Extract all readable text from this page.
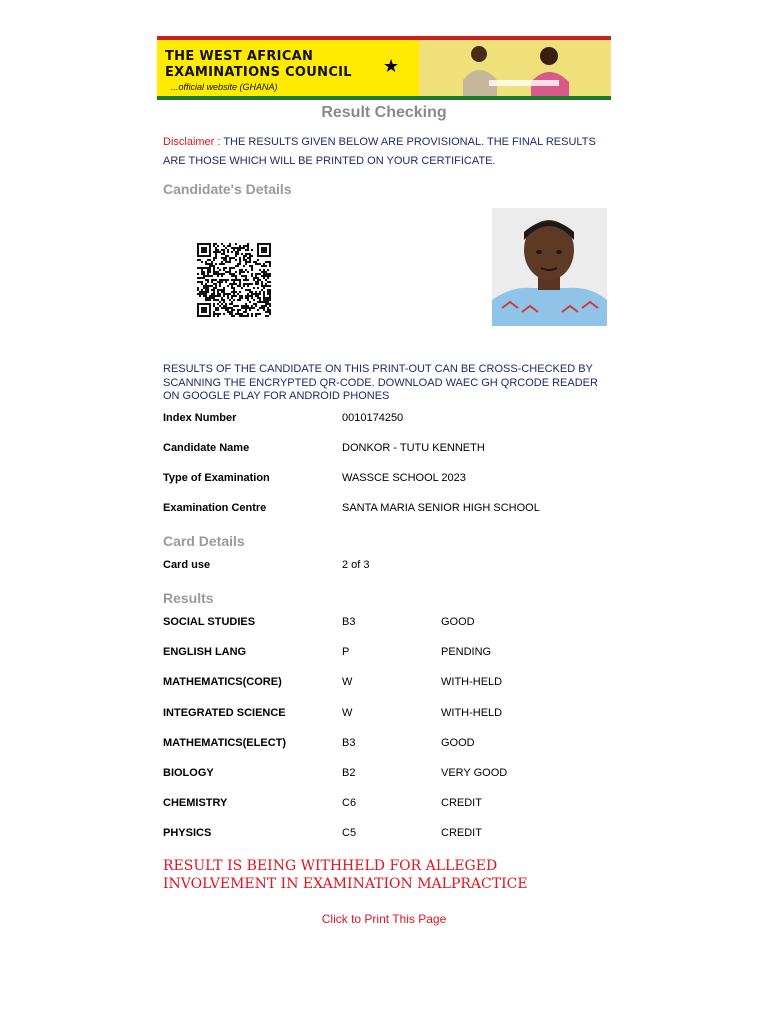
THE WEST AFRICAN
EXAMINATIONS COUNCIL
...official website (GHANA)
★
Result Checking
Disclaimer : THE RESULTS GIVEN BELOW ARE PROVISIONAL. THE FINAL RESULTS ARE THOSE WHICH WILL BE PRINTED ON YOUR CERTIFICATE.
Candidate's Details
RESULTS OF THE CANDIDATE ON THIS PRINT-OUT CAN BE CROSS-CHECKED BY SCANNING THE ENCRYPTED QR-CODE. DOWNLOAD WAEC GH QRCODE READER ON GOOGLE PLAY FOR ANDROID PHONES
Index Number	0010174250
Candidate Name	DONKOR - TUTU KENNETH
Type of Examination	WASSCE SCHOOL 2023
Examination Centre	SANTA MARIA SENIOR HIGH SCHOOL
Card Details
Card use	2 of 3
Results
SOCIAL STUDIES	B3	GOOD
ENGLISH LANG	P	PENDING
MATHEMATICS(CORE)	W	WITH-HELD
INTEGRATED SCIENCE	W	WITH-HELD
MATHEMATICS(ELECT)	B3	GOOD
BIOLOGY	B2	VERY GOOD
CHEMISTRY	C6	CREDIT
PHYSICS	C5	CREDIT
RESULT IS BEING WITHHELD FOR ALLEGED INVOLVEMENT IN EXAMINATION MALPRACTICE
Click to Print This Page
